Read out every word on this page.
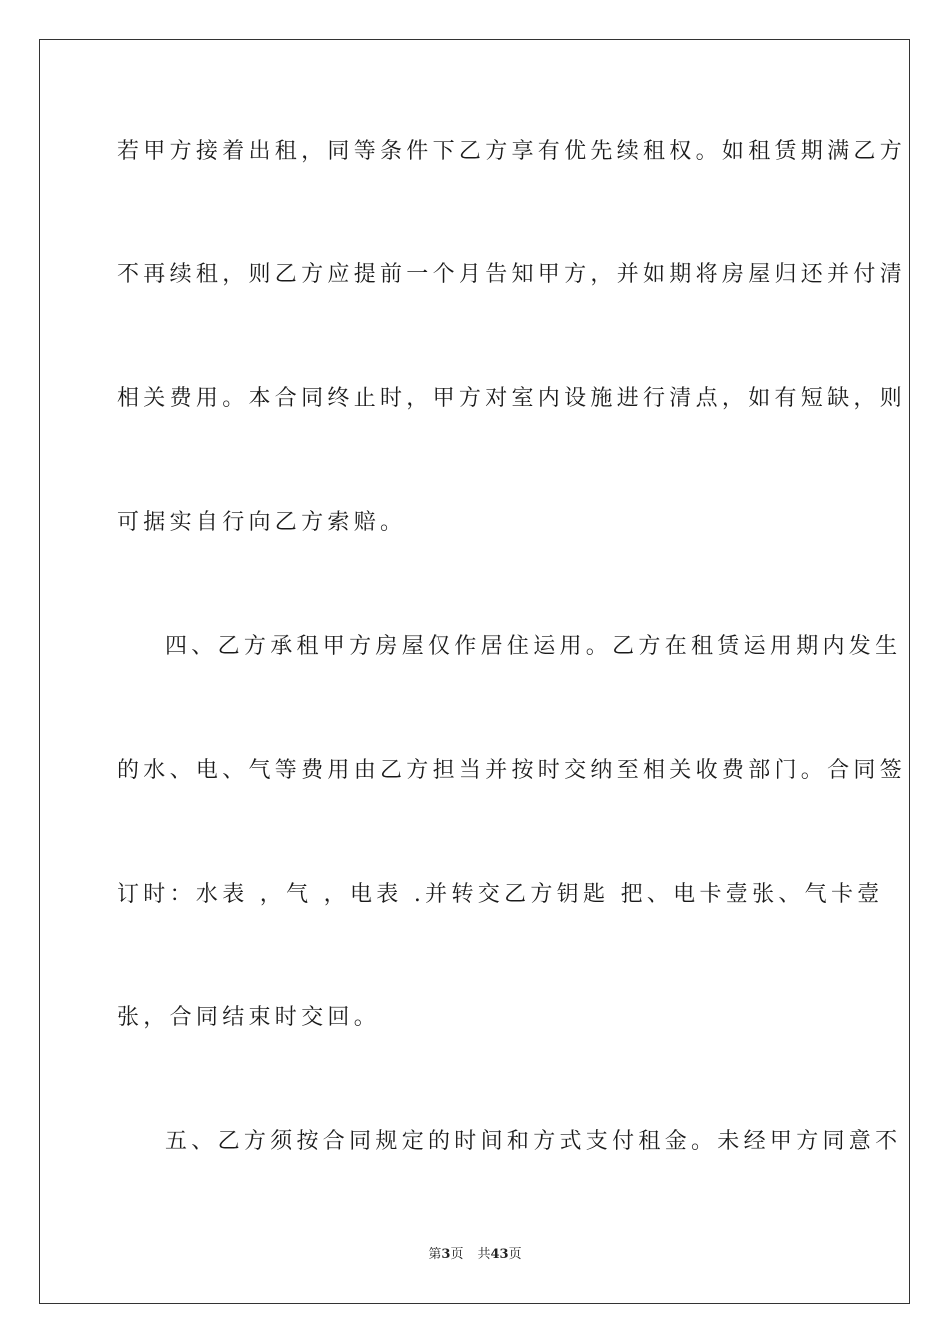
若甲方接着出租，同等条件下乙方享有优先续租权。如租赁期满乙方
不再续租，则乙方应提前一个月告知甲方，并如期将房屋归还并付清
相关费用。本合同终止时，甲方对室内设施进行清点，如有短缺，则
可据实自行向乙方索赔。
四、乙方承租甲方房屋仅作居住运用。乙方在租赁运用期内发生
的水、电、气等费用由乙方担当并按时交纳至相关收费部门。合同签
订时：水表 ，气 ，电表 .并转交乙方钥匙 把、电卡壹张、气卡壹
张，合同结束时交回。
五、乙方须按合同规定的时间和方式支付租金。未经甲方同意不
第3页 共43页
